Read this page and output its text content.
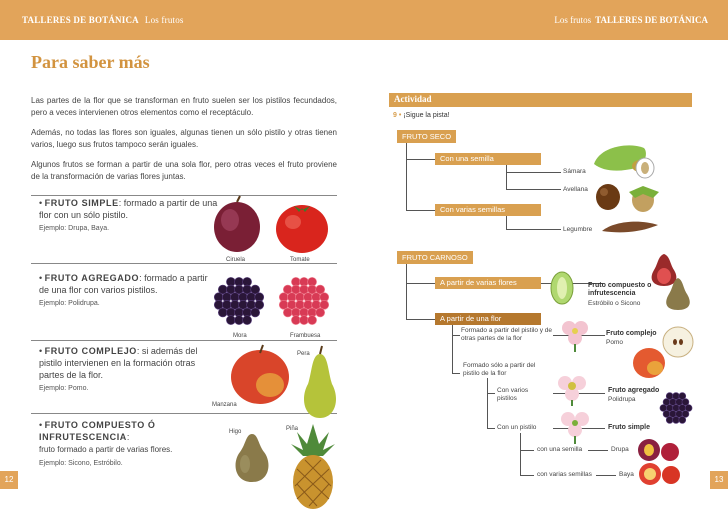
TALLERES DE BOTÁNICA Los frutos	Los frutos TALLERES DE BOTÁNICA
Para saber más
Las partes de la flor que se transforman en fruto suelen ser los pistilos fecundados, pero a veces intervienen otros elementos como el receptáculo.
Además, no todas las flores son iguales, algunas tienen un sólo pistilo y otras tienen varios, luego sus frutos tampoco serán iguales.
Algunos frutos se forman a partir de una sola flor, pero otras veces el fruto proviene de la transformación de varias flores juntas.
• FRUTO SIMPLE: formado a partir de una flor con un sólo pistilo.
Ejemplo: Drupa, Baya.
• FRUTO AGREGADO: formado a partir de una flor con varios pistilos.
Ejemplo: Polidrupa.
• FRUTO COMPLEJO: si además del pistilo intervienen en la formación otras partes de la flor.
Ejemplo: Pomo.
• FRUTO COMPUESTO Ó INFRUTESCENCIA:
fruto formado a partir de varias flores.
Ejemplo: Sicono, Estróbilo.
Ciruela	Tomate
Mora	Frambuesa
Pera
Manzana
Higo	Piña
12
Actividad
9 • ¡Sigue la pista!
FRUTO SECO
Con una semilla
Con varias semillas
Sámara
Avellana
Legumbre
FRUTO CARNOSO
A partir de varias flores
A partir de una flor
Fruto compuesto o infrutescencia
Estróbilo o Sicono
Formado a partir del pistilo y de otras partes de la flor
Fruto complejo
Pomo
Formado sólo a partir del pistilo de la flor
Con varios pistilos
Fruto agregado
Polidrupa
Con un pistilo	Fruto simple
con una semilla	Drupa
con varias semillas	Baya
13
